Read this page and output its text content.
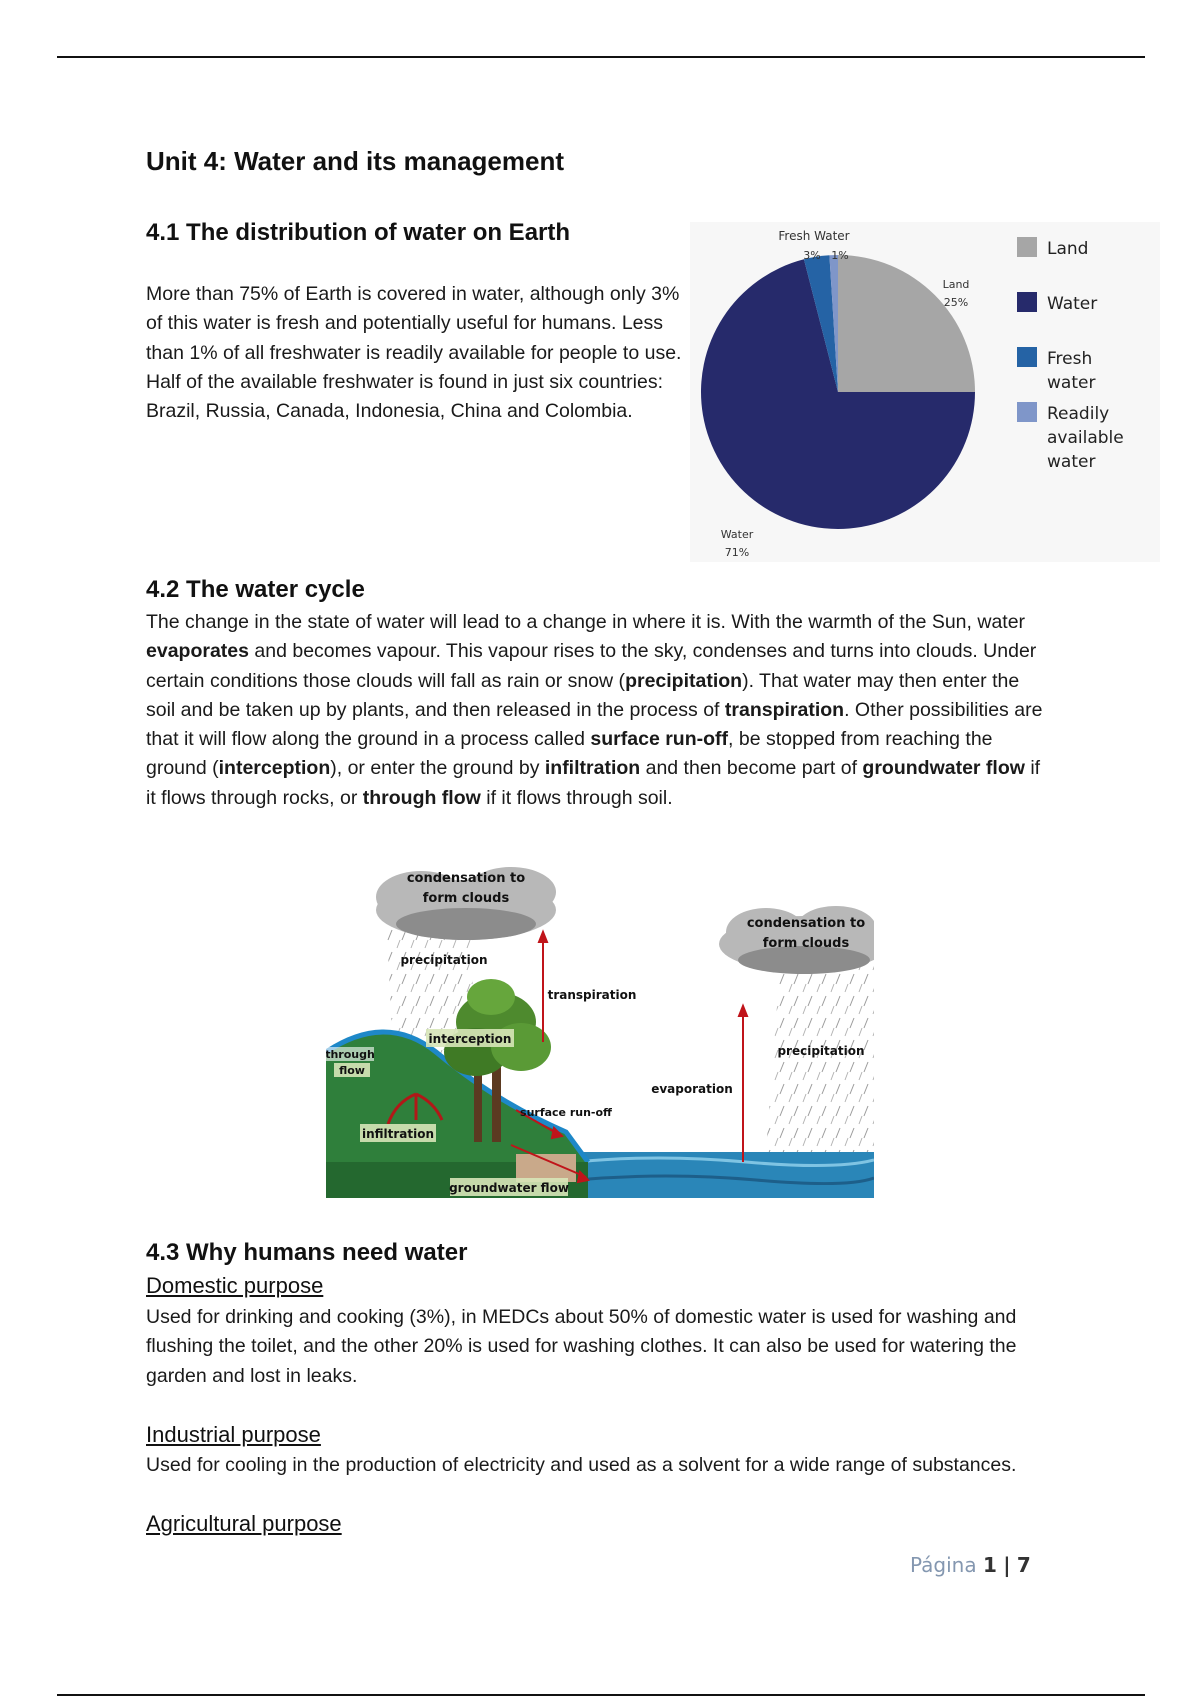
Unit 4: Water and its management
4.1 The distribution of water on Earth

More than 75% of Earth is covered in water, although only 3% of this water is fresh and potentially useful for humans. Less than 1% of all freshwater is readily available for people to use. Half of the available freshwater is found in just six countries: Brazil, Russia, Canada, Indonesia, China and Colombia.

Fresh Water
3% 1%
Land
25%
Water
71%
Land
Water
Fresh
water
Readily
available
water
4.2 The water cycle

The change in the state of water will lead to a change in where it is. With the warmth of the Sun, water evaporates and becomes vapour. This vapour rises to the sky, condenses and turns into clouds. Under certain conditions those clouds will fall as rain or snow (precipitation). That water may then enter the soil and be taken up by plants, and then released in the process of transpiration. Other possibilities are that it will flow along the ground in a process called surface run-off, be stopped from reaching the ground (interception), or enter the ground by infiltration and then become part of groundwater flow if it flows through rocks, or through flow if it flows through soil.

condensation to
form clouds
condensation to
form clouds
precipitation
transpiration
precipitation
evaporation
surface run-off
interception
through
flow
infiltration
groundwater flow
4.3 Why humans need water

Domestic purpose

Used for drinking and cooking (3%), in MEDCs about 50% of domestic water is used for washing and flushing the toilet, and the other 20% is used for washing clothes. It can also be used for watering the garden and lost in leaks.

Industrial purpose

Used for cooling in the production of electricity and used as a solvent for a wide range of substances.

Agricultural purpose

Página 1 | 7
